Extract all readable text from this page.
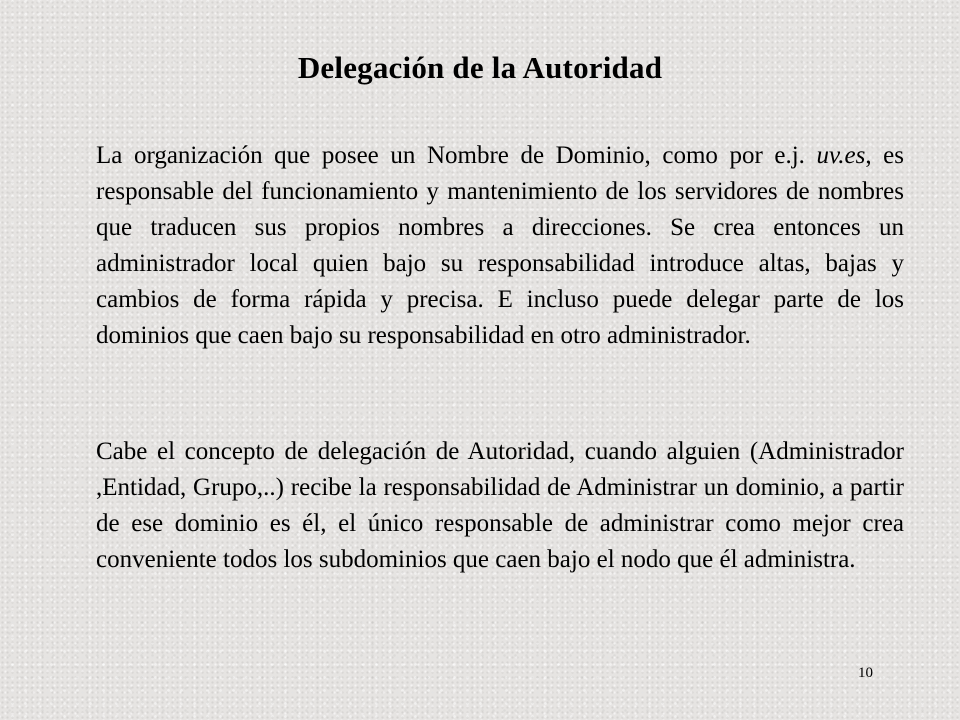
Delegación de la Autoridad

La organización que posee un Nombre de Dominio, como por e.j. uv.es, es responsable del funcionamiento y mantenimiento de los servidores de nombres que traducen sus propios nombres a direcciones. Se crea entonces un administrador local quien bajo su responsabilidad introduce altas, bajas y cambios de forma rápida y precisa. E incluso puede delegar parte de los dominios que caen bajo su responsabilidad en otro administrador.

Cabe el concepto de delegación de Autoridad, cuando alguien (Administrador ,Entidad, Grupo,..) recibe la responsabilidad de Administrar un dominio, a partir de ese dominio es él, el único responsable de administrar como mejor crea conveniente todos los subdominios que caen bajo el nodo que él administra.

10
